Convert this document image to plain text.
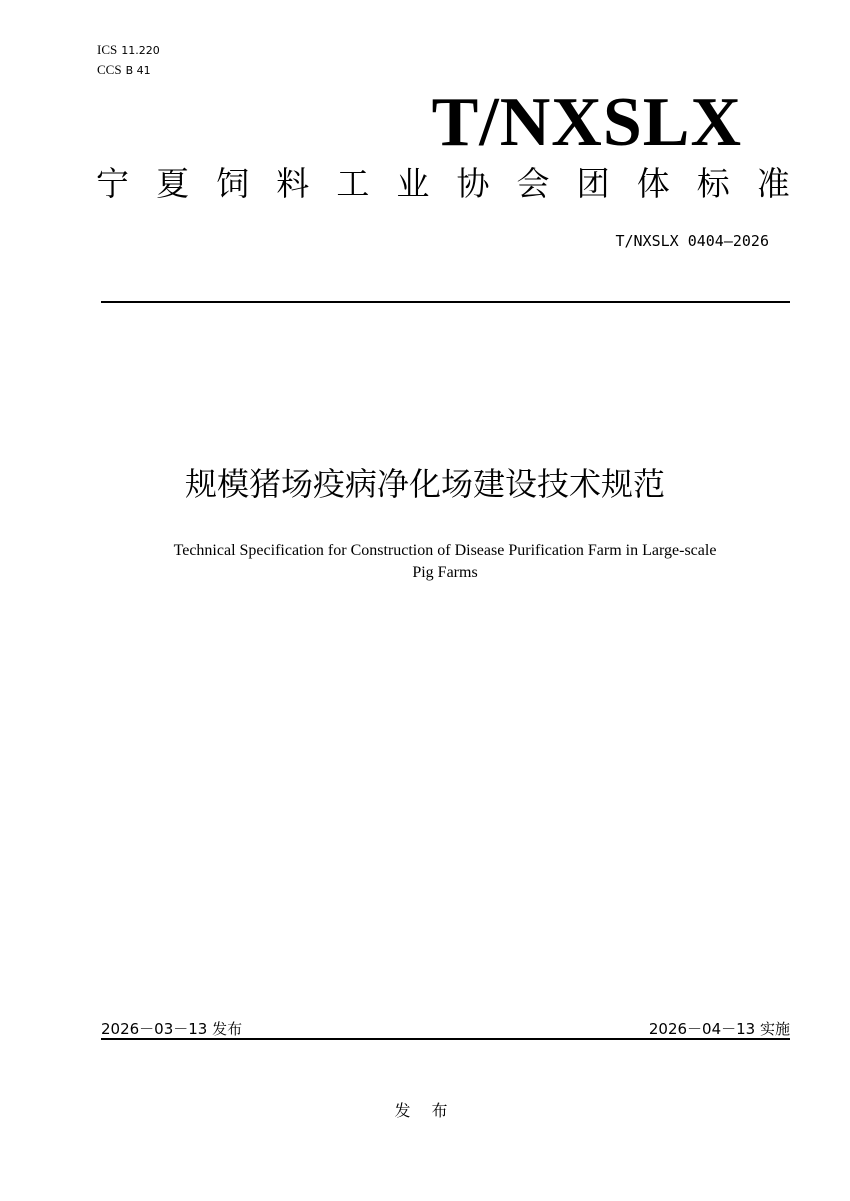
ICS 11.220
CCS B 41
T/NXSLX
宁 夏 饲 料 工 业 协 会 团 体 标 准
T/NXSLX 0404—2026
规模猪场疫病净化场建设技术规范
Technical Specification for Construction of Disease Purification Farm in Large-scale
Pig Farms
2026－03－13 发布	2026－04－13 实施
发 布
